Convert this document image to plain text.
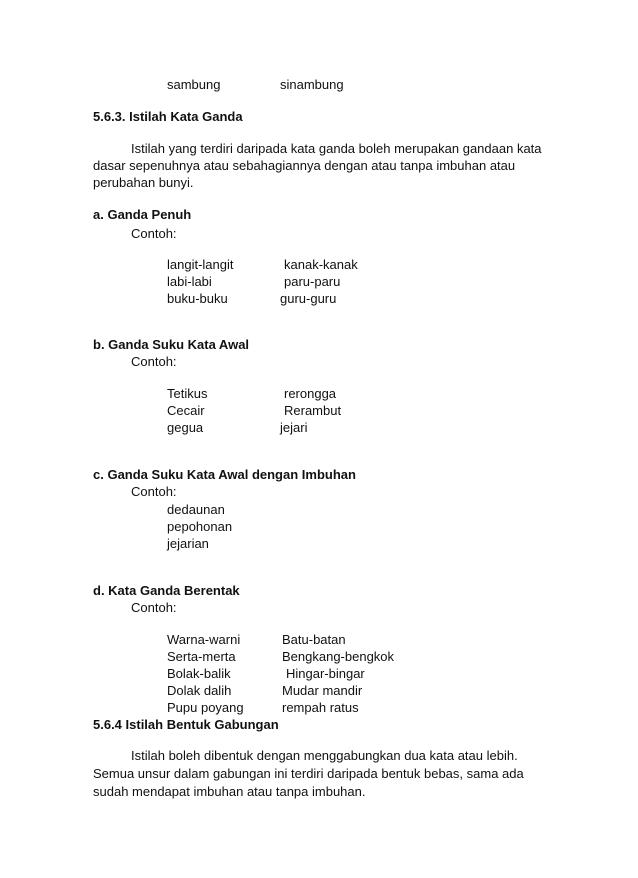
sambung	sinambung
5.6.3. Istilah Kata Ganda
Istilah yang terdiri daripada kata ganda boleh merupakan gandaan kata
dasar sepenuhnya atau sebahagiannya dengan atau tanpa imbuhan atau
perubahan bunyi.
a. Ganda Penuh
Contoh:
langit-langit	kanak-kanak
labi-labi	paru-paru
buku-buku	guru-guru
b. Ganda Suku Kata Awal
Contoh:
Tetikus	rerongga
Cecair	Rerambut
gegua	jejari
c. Ganda Suku Kata Awal dengan Imbuhan
Contoh:
dedaunan
pepohonan
jejarian
d. Kata Ganda Berentak
Contoh:
Warna-warni	Batu-batan
Serta-merta	Bengkang-bengkok
Bolak-balik	Hingar-bingar
Dolak dalih	Mudar mandir
Pupu poyang	rempah ratus
5.6.4 Istilah Bentuk Gabungan
Istilah boleh dibentuk dengan menggabungkan dua kata atau lebih.
Semua unsur dalam gabungan ini terdiri daripada bentuk bebas, sama ada
sudah mendapat imbuhan atau tanpa imbuhan.
